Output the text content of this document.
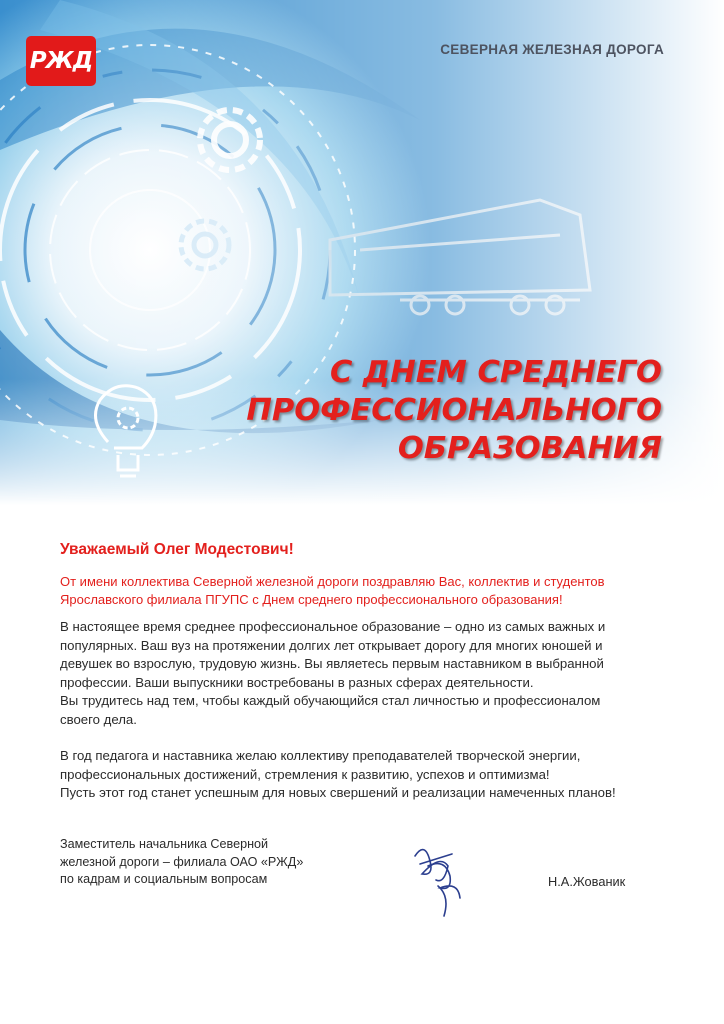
РЖД	СЕВЕРНАЯ ЖЕЛЕЗНАЯ ДОРОГА
С ДНЕМ СРЕДНЕГО
ПРОФЕССИОНАЛЬНОГО
ОБРАЗОВАНИЯ
Уважаемый Олег Модестович!
От имени коллектива Северной железной дороги поздравляю Вас, коллектив и студентов
Ярославского филиала ПГУПС с Днем среднего профессионального образования!
В настоящее время среднее профессиональное образование – одно из самых важных и
популярных. Ваш вуз на протяжении долгих лет открывает дорогу для многих юношей и
девушек во взрослую, трудовую жизнь. Вы являетесь первым наставником в выбранной
профессии. Ваши выпускники востребованы в разных сферах деятельности.
Вы трудитесь над тем, чтобы каждый обучающийся стал личностью и профессионалом
своего дела.
В год педагога и наставника желаю коллективу преподавателей творческой энергии,
профессиональных достижений, стремления к развитию, успехов и оптимизма!
Пусть этот год станет успешным для новых свершений и реализации намеченных планов!
Заместитель начальника Северной
железной дороги – филиала ОАО «РЖД»
по кадрам и социальным вопросам	Н.А.Жованик
